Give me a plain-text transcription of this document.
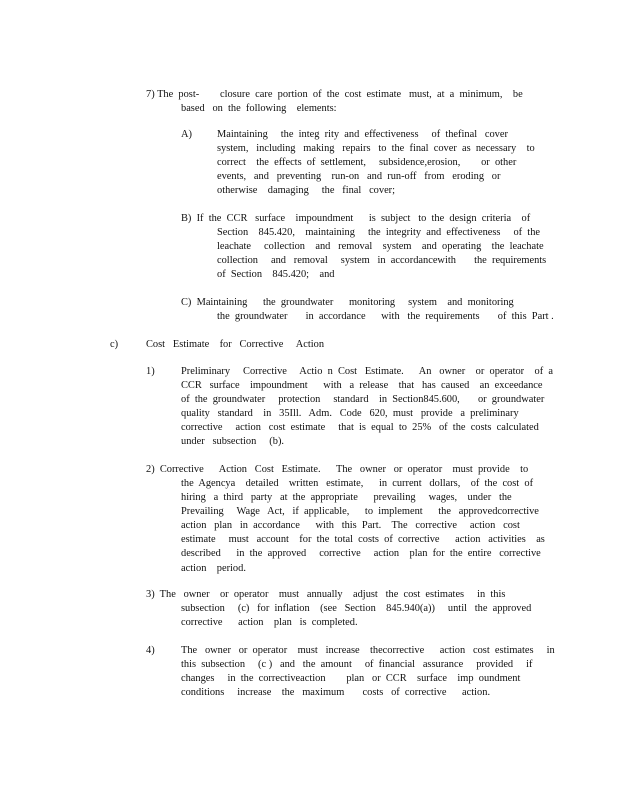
7) The  post-        closure  care  portion  of  the  cost  estimate   must,  at  a  minimum,    be
based   on  the  following    elements:
A) Maintaining     the  integ  rity  and  effectiveness     of  thefinal   cover
system,   including   making   repairs   to  the  final  cover  as  necessary    to
correct    the  effects  of  settlement,     subsidence,erosion,        or  other
events,   and   preventing    run-on   and  run-off   from   eroding   or
otherwise    damaging     the   final   cover;
B)  If  the  CCR   surface    impoundment      is  subject   to  the  design  criteria    of
Section    845.420,    maintaining     the  integrity  and  effectiveness     of  the
leachate     collection    and   removal    system    and  operating    the  leachate
collection     and   removal     system   in  accordancewith       the  requirements
of  Section    845.420;    and
C)  Maintaining      the  groundwater      monitoring     system    and  monitoring
the  groundwater       in  accordance      with   the  requirements       of  this  Part .
c)	Cost   Estimate    for   Corrective     Action
1)	Preliminary     Corrective     Actio  n  Cost   Estimate.      An   owner    or  operator    of  a
CCR   surface    impoundment      with   a  release    that   has  caused    an  exceedance
of  the  groundwater     protection     standard    in  Section845.600,       or  groundwater
quality   standard    in   35Ill.   Adm.   Code   620,  must   provide   a  preliminary
corrective     action   cost  estimate     that  is  equal  to  25%   of  the  costs  calculated
under   subsection     (b).
2)  Corrective      Action   Cost   Estimate.      The   owner   or  operator    must  provide    to
the  Agencya    detailed    written   estimate,      in  current   dollars,    of  the  cost  of
hiring   a  third   party   at  the  appropriate      prevailing     wages,    under   the
Prevailing     Wage   Act,   if  applicable,      to  implement      the   approvedcorrective
action   plan   in  accordance      with   this  Part.    The   corrective     action   cost
estimate     must   account    for  the  total  costs  of  corrective      action   activities    as
described      in  the  approved     corrective     action    plan  for  the  entire   corrective
action    period.
3)  The   owner    or  operator    must   annually    adjust   the  cost  estimates     in  this
subsection     (c)   for  inflation    (see   Section    845.940(a))     until   the  approved
corrective      action    plan   is  completed.
4)	The   owner   or  operator    must   increase    thecorrective      action   cost  estimates     in
this  subsection     (c )   and   the  amount     of  financial   assurance     provided     if
changes     in  the  correctiveaction        plan   or  CCR    surface    imp  oundment
conditions     increase    the   maximum       costs   of  corrective      action.
